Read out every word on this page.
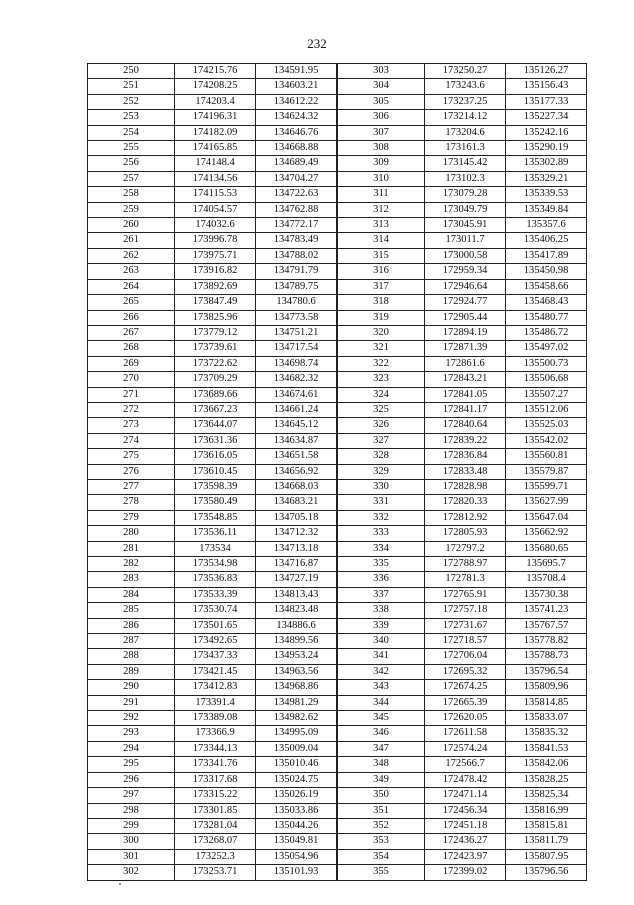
232
250	174215.76	134591.95	303	173250.27	135126.27
251	174208.25	134603.21	304	173243.6	135156.43
252	174203.4	134612.22	305	173237.25	135177.33
253	174196.31	134624.32	306	173214.12	135227.34
254	174182.09	134646.76	307	173204.6	135242.16
255	174165.85	134668.88	308	173161.3	135290.19
256	174148.4	134689.49	309	173145.42	135302.89
257	174134.56	134704.27	310	173102.3	135329.21
258	174115.53	134722.63	311	173079.28	135339.53
259	174054.57	134762.88	312	173049.79	135349.84
260	174032.6	134772.17	313	173045.91	135357.6
261	173996.78	134783.49	314	173011.7	135406.25
262	173975.71	134788.02	315	173000.58	135417.89
263	173916.82	134791.79	316	172959.34	135450.98
264	173892.69	134789.75	317	172946.64	135458.66
265	173847.49	134780.6	318	172924.77	135468.43
266	173825.96	134773.58	319	172905.44	135480.77
267	173779.12	134751.21	320	172894.19	135486.72
268	173739.61	134717.54	321	172871.39	135497.02
269	173722.62	134698.74	322	172861.6	135500.73
270	173709.29	134682.32	323	172843.21	135506.68
271	173689.66	134674.61	324	172841.05	135507.27
272	173667.23	134661.24	325	172841.17	135512.06
273	173644.07	134645.12	326	172840.64	135525.03
274	173631.36	134634.87	327	172839.22	135542.02
275	173616.05	134651.58	328	172836.84	135560.81
276	173610.45	134656.92	329	172833.48	135579.87
277	173598.39	134668.03	330	172828.98	135599.71
278	173580.49	134683.21	331	172820.33	135627.99
279	173548.85	134705.18	332	172812.92	135647.04
280	173536.11	134712.32	333	172805.93	135662.92
281	173534	134713.18	334	172797.2	135680.65
282	173534.98	134716.87	335	172788.97	135695.7
283	173536.83	134727.19	336	172781.3	135708.4
284	173533.39	134813.43	337	172765.91	135730.38
285	173530.74	134823.48	338	172757.18	135741.23
286	173501.65	134886.6	339	172731.67	135767.57
287	173492.65	134899.56	340	172718.57	135778.82
288	173437.33	134953.24	341	172706.04	135788.73
289	173421.45	134963.56	342	172695.32	135796.54
290	173412.83	134968.86	343	172674.25	135809.96
291	173391.4	134981.29	344	172665.39	135814.85
292	173389.08	134982.62	345	172620.05	135833.07
293	173366.9	134995.09	346	172611.58	135835.32
294	173344.13	135009.04	347	172574.24	135841.53
295	173341.76	135010.46	348	172566.7	135842.06
296	173317.68	135024.75	349	172478.42	135828.25
297	173315.22	135026.19	350	172471.14	135825.34
298	173301.85	135033.86	351	172456.34	135816.99
299	173281.04	135044.26	352	172451.18	135815.81
300	173268.07	135049.81	353	172436.27	135811.79
301	173252.3	135054.96	354	172423.97	135807.95
302	173253.71	135101.93	355	172399.02	135796.56
